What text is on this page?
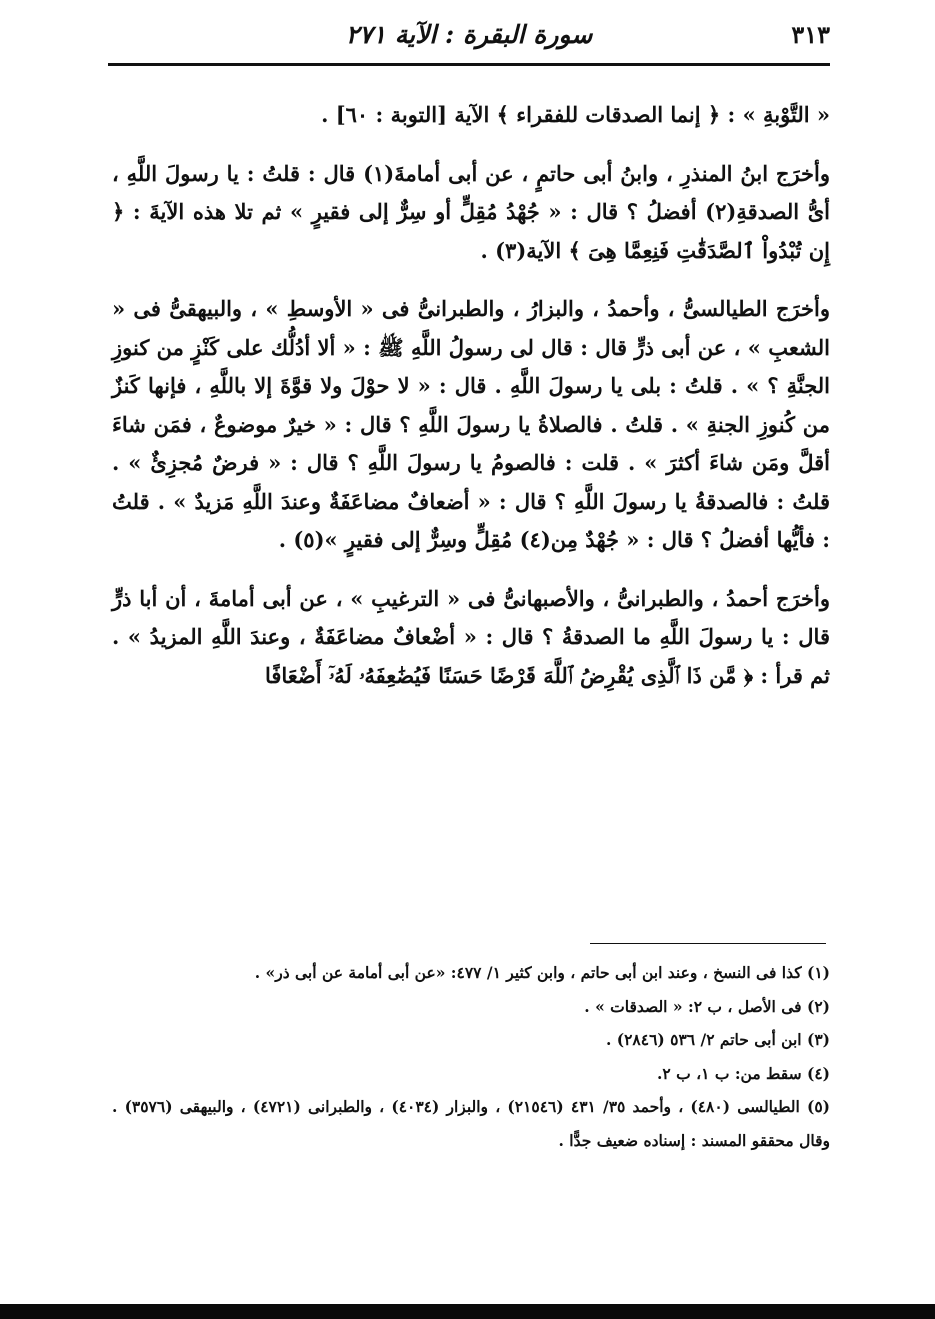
٣١٣
سورة البقرة : الآية ٢٧١

« التَّوْبةِ » : ﴿ إنما الصدقات للفقراء ﴾ الآية [التوبة : ٦٠] .

وأخرَج ابنُ المنذرِ ، وابنُ أبى حاتمٍ ، عن أبى أمامةَ(١) قال : قلتُ : يا رسولَ اللَّهِ ، أىُّ الصدقةِ(٢) أفضلُ ؟ قال : « جُهْدُ مُقِلٍّ أو سِرٌّ إلى فقيرٍ » ثم تلا هذه الآيةَ : ﴿ إِن تُبْدُواْ ٱلصَّدَقَٰتِ فَنِعِمَّا هِىَ ﴾ الآية(٣) .

وأخرَج الطيالسىُّ ، وأحمدُ ، والبزارُ ، والطبرانىُّ فى « الأوسطِ » ، والبيهقىُّ فى « الشعبِ » ، عن أبى ذرٍّ قال : قال لى رسولُ اللَّهِ ﷺ : « ألا أدُلُّك على كَنْزٍ من كنوزِ الجنَّةِ ؟ » . قلتُ : بلى يا رسولَ اللَّهِ . قال : « لا حوْلَ ولا قوَّةَ إلا باللَّهِ ، فإنها كَنزٌ من كُنوزِ الجنةِ » . قلتُ . فالصلاةُ يا رسولَ اللَّهِ ؟ قال : « خيرٌ موضوعٌ ، فمَن شاءَ أقلَّ ومَن شاءَ أكثرَ » . قلت : فالصومُ يا رسولَ اللَّهِ ؟ قال : « فرضٌ مُجزِئٌ » . قلتُ : فالصدقةُ يا رسولَ اللَّهِ ؟ قال : « أضعافٌ مضاعَفَةٌ وعندَ اللَّهِ مَزيدٌ » . قلتُ : فأيُّها أفضلُ ؟ قال : « جُهْدٌ مِن(٤) مُقِلٍّ وسِرٌّ إلى فقيرٍ »(٥) .

وأخرَج أحمدُ ، والطبرانىُّ ، والأصبهانىُّ فى « الترغيبِ » ، عن أبى أمامةَ ، أن أبا ذرٍّ قال : يا رسولَ اللَّهِ ما الصدقةُ ؟ قال : « أضْعافٌ مضاعَفَةٌ ، وعندَ اللَّهِ المزيدُ » . ثم قرأ : ﴿ مَّن ذَا ٱلَّذِى يُقْرِضُ ٱللَّهَ قَرْضًا حَسَنًا فَيُضَٰعِفَهُۥ لَهُۥٓ أَضْعَافًا

(١) كذا فى النسخ ، وعند ابن أبى حاتم ، وابن كثير ١/ ٤٧٧: «عن أبى أمامة عن أبى ذر» .

(٢) فى الأصل ، ب ٢: « الصدقات » .

(٣) ابن أبى حاتم ٢/ ٥٣٦ (٢٨٤٦) .

(٤) سقط من: ب ١، ب ٢.

(٥) الطيالسى (٤٨٠) ، وأحمد ٣٥/ ٤٣١ (٢١٥٤٦) ، والبزار (٤٠٣٤) ، والطبرانى (٤٧٢١) ، والبيهقى (٣٥٧٦) . وقال محققو المسند : إسناده ضعيف جدًّا .
